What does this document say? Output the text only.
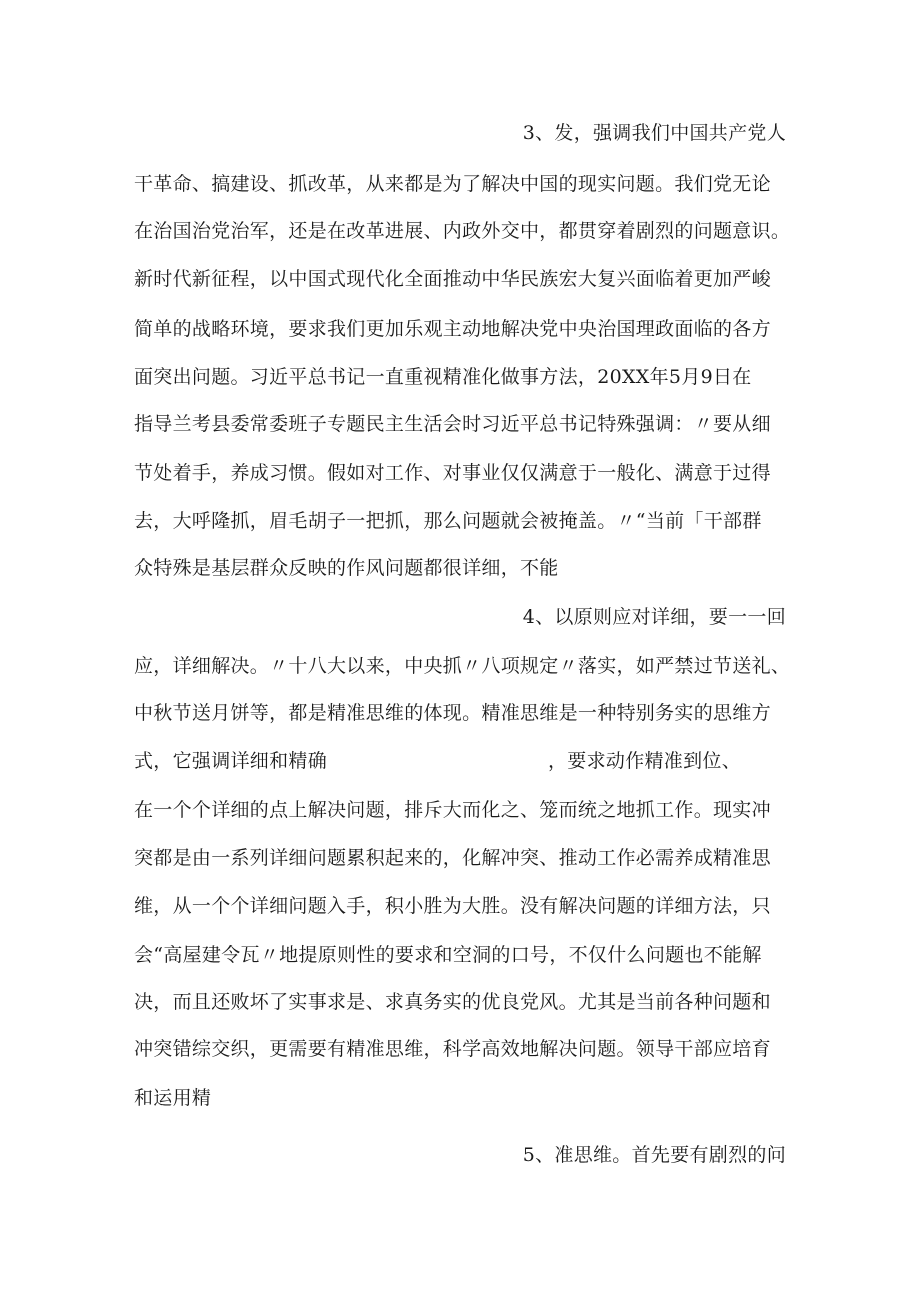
3、发，强调我们中国共产党人
干革命、搞建设、抓改革，从来都是为了解决中国的现实问题。我们党无论
在治国治党治军，还是在改革进展、内政外交中，都贯穿着剧烈的问题意识。
新时代新征程，以中国式现代化全面推动中华民族宏大复兴面临着更加严峻
简单的战略环境，要求我们更加乐观主动地解决党中央治国理政面临的各方
面突出问题。习近平总书记一直重视精准化做事方法，20XX年5月9日在
指导兰考县委常委班子专题民主生活会时习近平总书记特殊强调：〃要从细
节处着手，养成习惯。假如对工作、对事业仅仅满意于一般化、满意于过得
去，大呼隆抓，眉毛胡子一把抓，那么问题就会被掩盖。〃“当前「干部群
众特殊是基层群众反映的作风问题都很详细，不能
4、以原则应对详细，要一一回
应，详细解决。〃十八大以来，中央抓〃八项规定〃落实，如严禁过节送礼、
中秋节送月饼等，都是精准思维的体现。精准思维是一种特别务实的思维方
式，它强调详细和精确	，要求动作精准到位、
在一个个详细的点上解决问题，排斥大而化之、笼而统之地抓工作。现实冲
突都是由一系列详细问题累积起来的，化解冲突、推动工作必需养成精准思
维，从一个个详细问题入手，积小胜为大胜。没有解决问题的详细方法，只
会“高屋建令瓦〃地提原则性的要求和空洞的口号，不仅什么问题也不能解
决，而且还败坏了实事求是、求真务实的优良党风。尤其是当前各种问题和
冲突错综交织，更需要有精准思维，科学高效地解决问题。领导干部应培育
和运用精
5、准思维。首先要有剧烈的问
